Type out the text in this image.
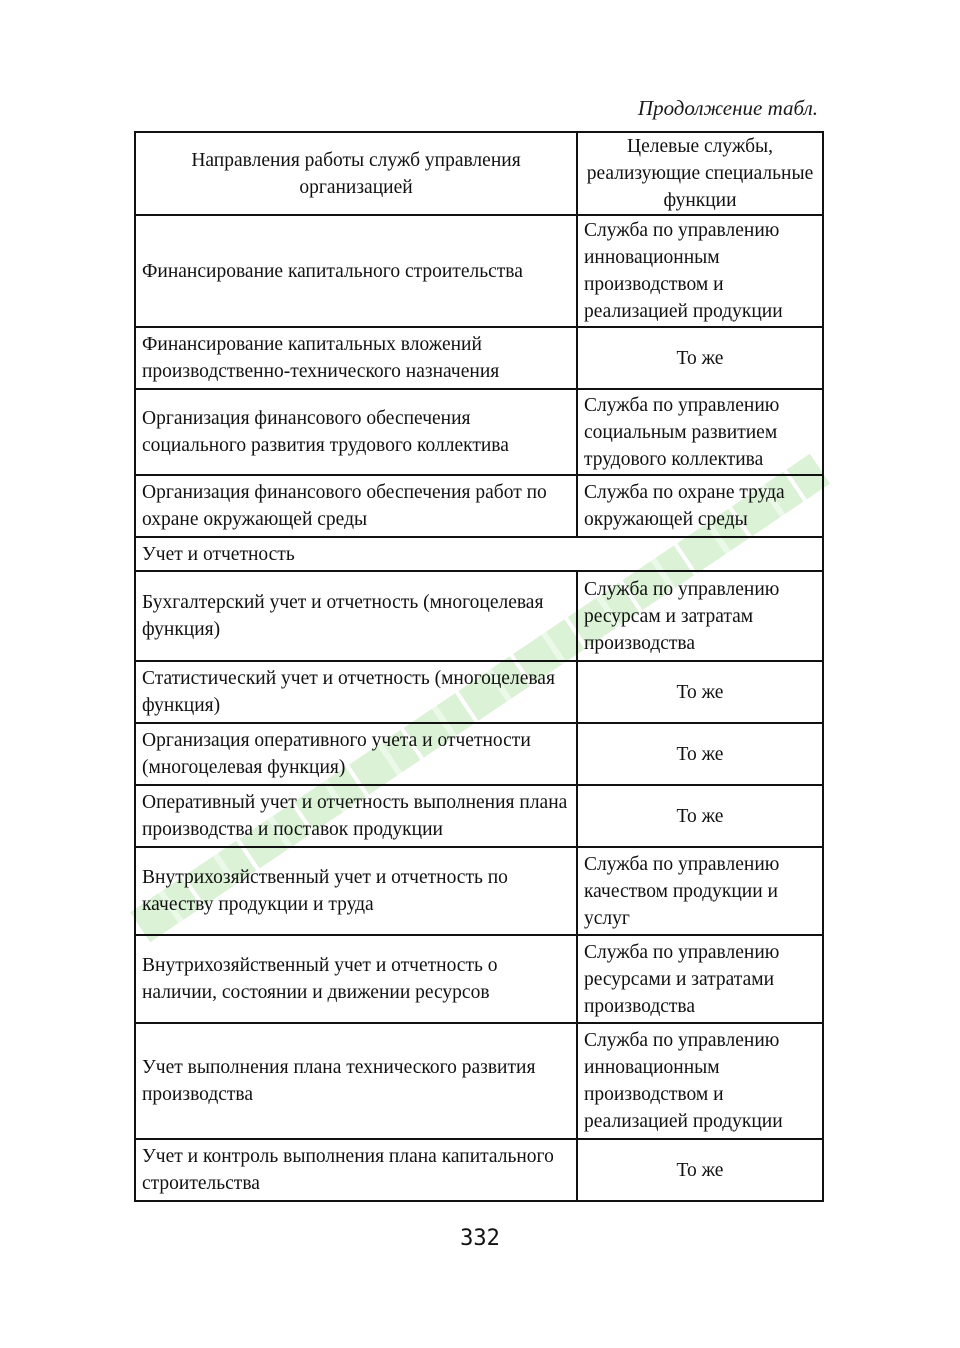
Продолжение табл.
Направления работы служб управления организацией	Целевые службы, реализующие специальные функции
Финансирование капитального строительства	Служба по управлению инновационным производством и реализацией продукции
Финансирование капитальных вложений производственно-технического назначения	То же
Организация финансового обеспечения социального развития трудового коллектива	Служба по управлению социальным развитием трудового коллектива
Организация финансового обеспечения работ по охране окружающей среды	Служба по охране труда окружающей среды
Учет и отчетность	
Бухгалтерский учет и отчетность (многоцелевая функция)	Служба по управлению ресурсам и затратам производства
Статистический учет и отчетность (многоцелевая функция)	То же
Организация оперативного учета и отчетности (многоцелевая функция)	То же
Оперативный учет и отчетность выполнения плана производства и поставок продукции	То же
Внутрихозяйственный учет и отчетность по качеству продукции и труда	Служба по управлению качеством продукции и услуг
Внутрихозяйственный учет и отчетность о наличии, состоянии и движении ресурсов	Служба по управлению ресурсами и затратами производства
Учет выполнения плана технического развития производства	Служба по управлению инновационным производством и реализацией продукции
Учет и контроль выполнения плана капитального строительства	То же
332
